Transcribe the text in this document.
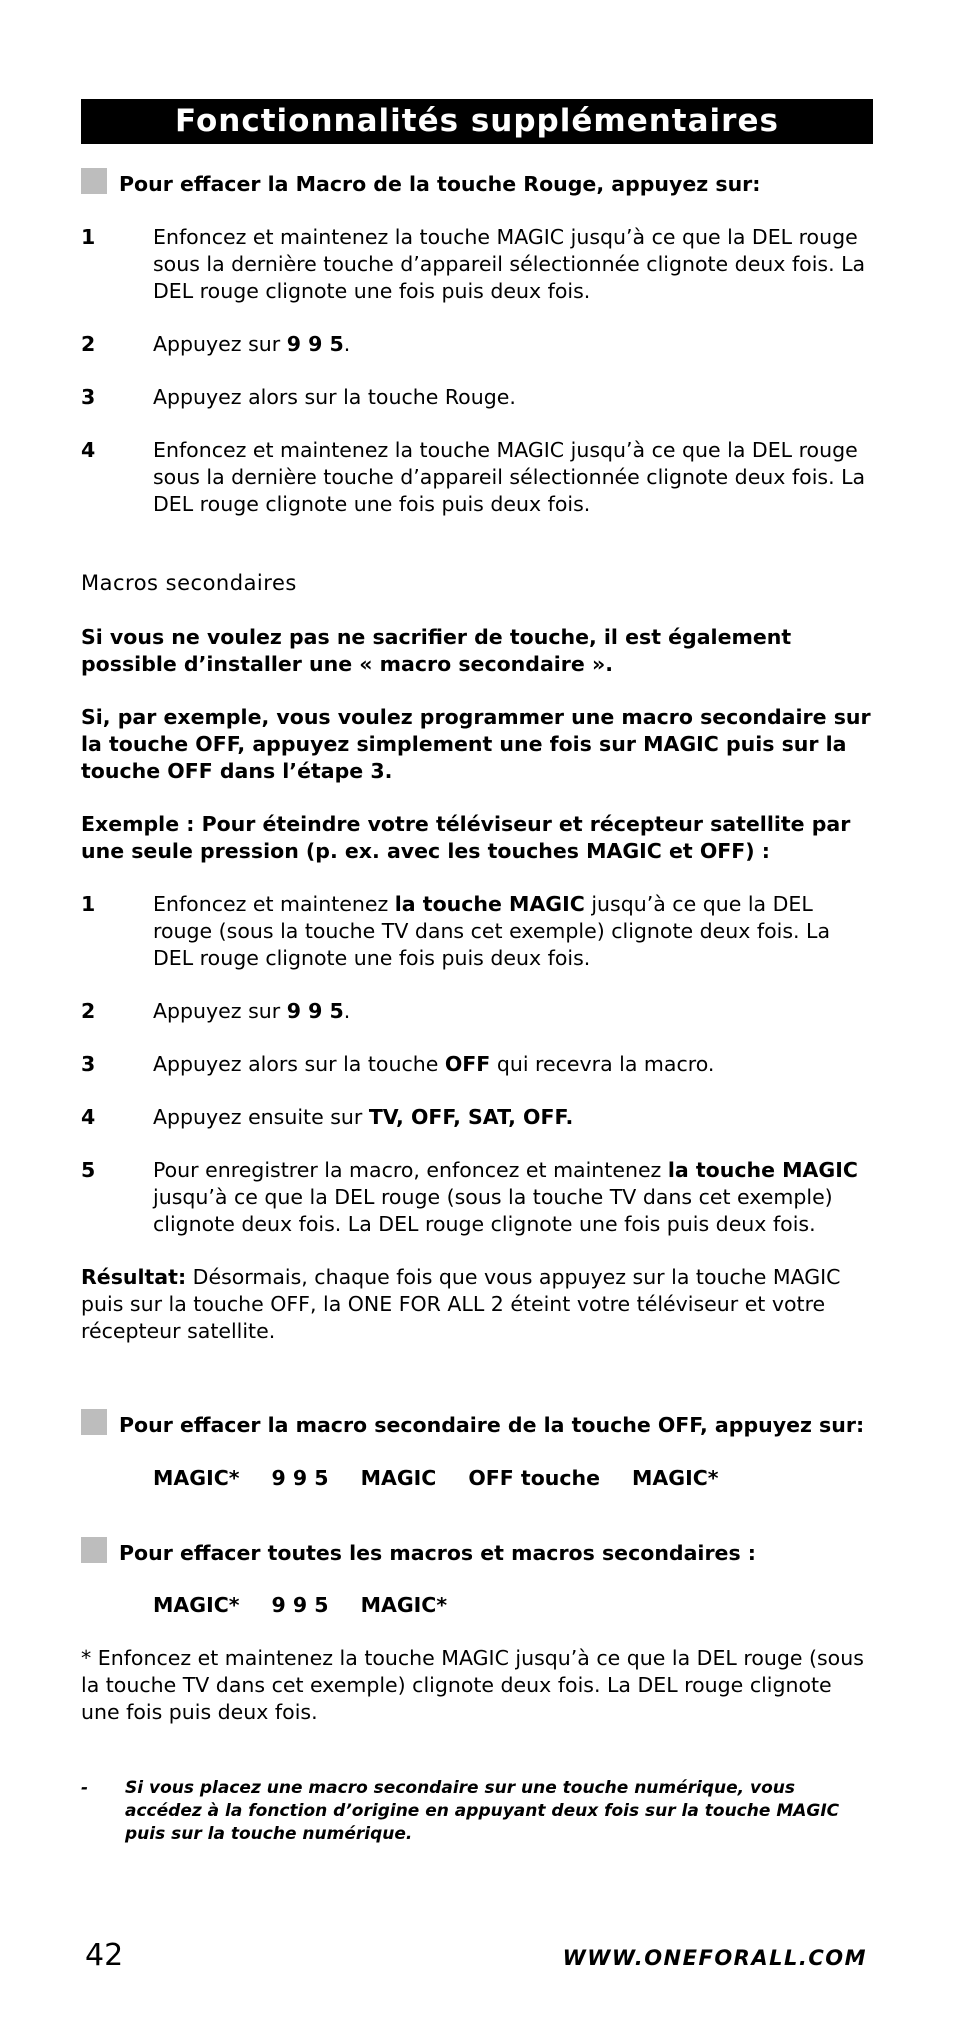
Fonctionnalités supplémentaires
Pour effacer la Macro de la touche Rouge, appuyez sur:
1	Enfoncez et maintenez la touche MAGIC jusqu’à ce que la DEL rouge sous la dernière touche d’appareil sélectionnée clignote deux fois. La DEL rouge clignote une fois puis deux fois.
2	Appuyez sur 9 9 5.
3	Appuyez alors sur la touche Rouge.
4	Enfoncez et maintenez la touche MAGIC jusqu’à ce que la DEL rouge sous la dernière touche d’appareil sélectionnée clignote deux fois. La DEL rouge clignote une fois puis deux fois.
Macros secondaires
Si vous ne voulez pas ne sacrifier de touche, il est également possible d’installer une « macro secondaire ».
Si, par exemple, vous voulez programmer une macro secondaire sur la touche OFF, appuyez simplement une fois sur MAGIC puis sur la touche OFF dans l’étape 3.
Exemple : Pour éteindre votre téléviseur et récepteur satellite par une seule pression (p. ex. avec les touches MAGIC et OFF) :
1	Enfoncez et maintenez la touche MAGIC jusqu’à ce que la DEL rouge (sous la touche TV dans cet exemple) clignote deux fois. La DEL rouge clignote une fois puis deux fois.
2	Appuyez sur 9 9 5.
3	Appuyez alors sur la touche OFF qui recevra la macro.
4	Appuyez ensuite sur TV, OFF, SAT, OFF.
5	Pour enregistrer la macro, enfoncez et maintenez la touche MAGIC jusqu’à ce que la DEL rouge (sous la touche TV dans cet exemple) clignote deux fois. La DEL rouge clignote une fois puis deux fois.
Résultat: Désormais, chaque fois que vous appuyez sur la touche MAGIC puis sur la touche OFF, la ONE FOR ALL 2 éteint votre téléviseur et votre récepteur satellite.
Pour effacer la macro secondaire de la touche OFF, appuyez sur:
MAGIC* 9 9 5 MAGIC OFF touche MAGIC*
Pour effacer toutes les macros et macros secondaires :
MAGIC* 9 9 5 MAGIC*
* Enfoncez et maintenez la touche MAGIC jusqu’à ce que la DEL rouge (sous la touche TV dans cet exemple) clignote deux fois. La DEL rouge clignote une fois puis deux fois.
-	Si vous placez une macro secondaire sur une touche numérique, vous accédez à la fonction d’origine en appuyant deux fois sur la touche MAGIC puis sur la touche numérique.
42	WWW.ONEFORALL.COM
